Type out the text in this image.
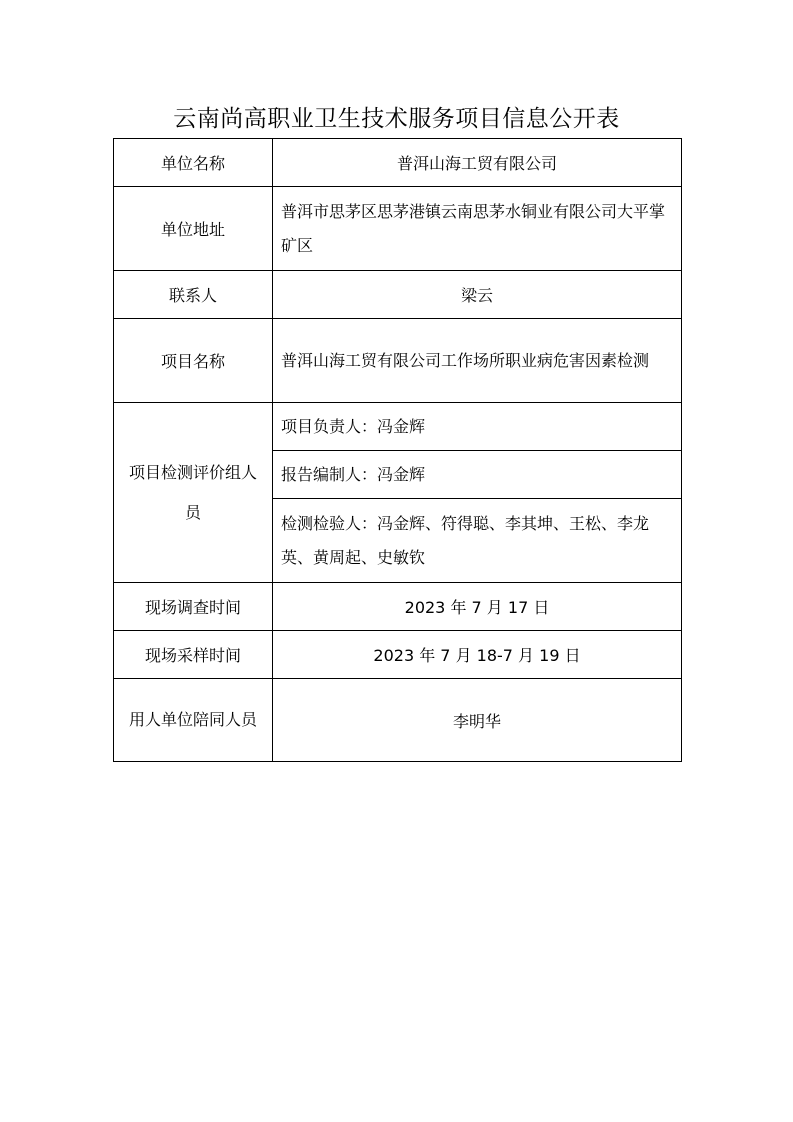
云南尚高职业卫生技术服务项目信息公开表
单位名称	普洱山海工贸有限公司
单位地址	普洱市思茅区思茅港镇云南思茅水铜业有限公司大平掌矿区
联系人	梁云
项目名称	普洱山海工贸有限公司工作场所职业病危害因素检测
项目检测评价组人员	项目负责人：冯金辉
	报告编制人：冯金辉
	检测检验人：冯金辉、符得聪、李其坤、王松、李龙英、黄周起、史敏钦
现场调查时间	2023 年 7 月 17 日
现场采样时间	2023 年 7 月 18-7 月 19 日
用人单位陪同人员	李明华
